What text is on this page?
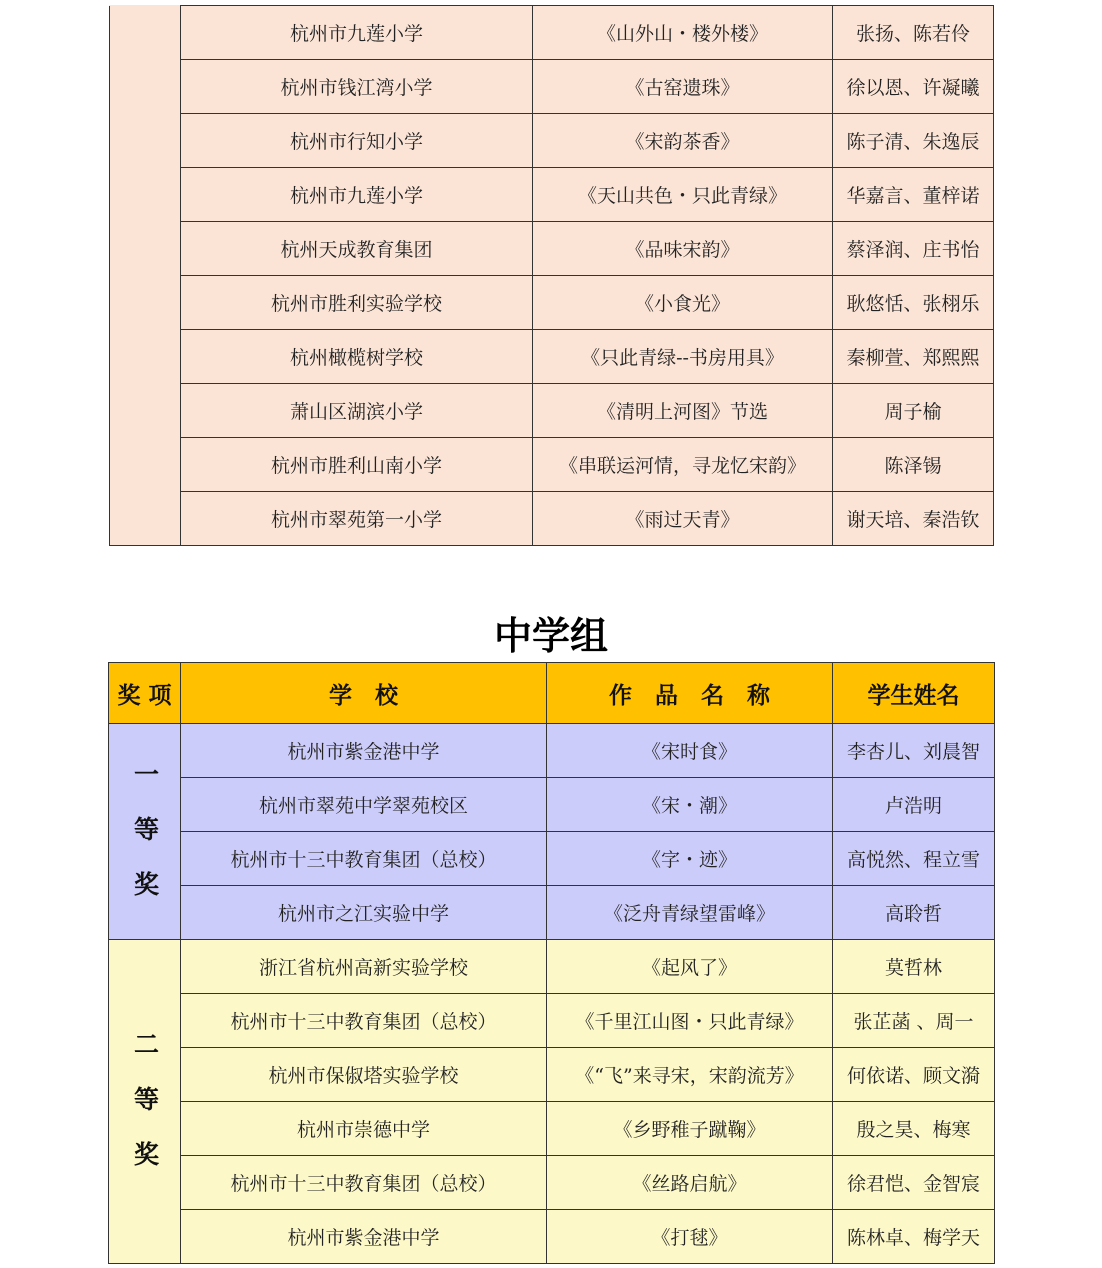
	杭州市九莲小学	《山外山・楼外楼》	张扬、陈若伶
	杭州市钱江湾小学	《古窑遗珠》	徐以恩、许凝曦
	杭州市行知小学	《宋韵茶香》	陈子清、朱逸辰
	杭州市九莲小学	《天山共色・只此青绿》	华嘉言、董梓诺
	杭州天成教育集团	《品味宋韵》	蔡泽润、庄书怡
	杭州市胜利实验学校	《小食光》	耿悠恬、张栩乐
	杭州橄榄树学校	《只此青绿--书房用具》	秦柳萱、郑熙熙
	萧山区湖滨小学	《清明上河图》节选	周子榆
	杭州市胜利山南小学	《串联运河情，寻龙忆宋韵》	陈泽锡
	杭州市翠苑第一小学	《雨过天青》	谢天培、秦浩钦
中学组
奖 项	学　校	作　品　名　称	学生姓名
一等奖	杭州市紫金港中学	《宋时食》	李杏儿、刘晨智
	杭州市翠苑中学翠苑校区	《宋・潮》	卢浩明
	杭州市十三中教育集团（总校）	《字・迹》	高悦然、程立雪
	杭州市之江实验中学	《泛舟青绿望雷峰》	高聆哲
二等奖	浙江省杭州高新实验学校	《起风了》	莫哲林
	杭州市十三中教育集团（总校）	《千里江山图・只此青绿》	张芷菡 、周一
	杭州市保俶塔实验学校	《“飞”来寻宋，宋韵流芳》	何依诺、顾文漪
	杭州市崇德中学	《乡野稚子蹴鞠》	殷之昊、梅寒
	杭州市十三中教育集团（总校）	《丝路启航》	徐君恺、金智宸
	杭州市紫金港中学	《打毬》	陈林卓、梅学天
